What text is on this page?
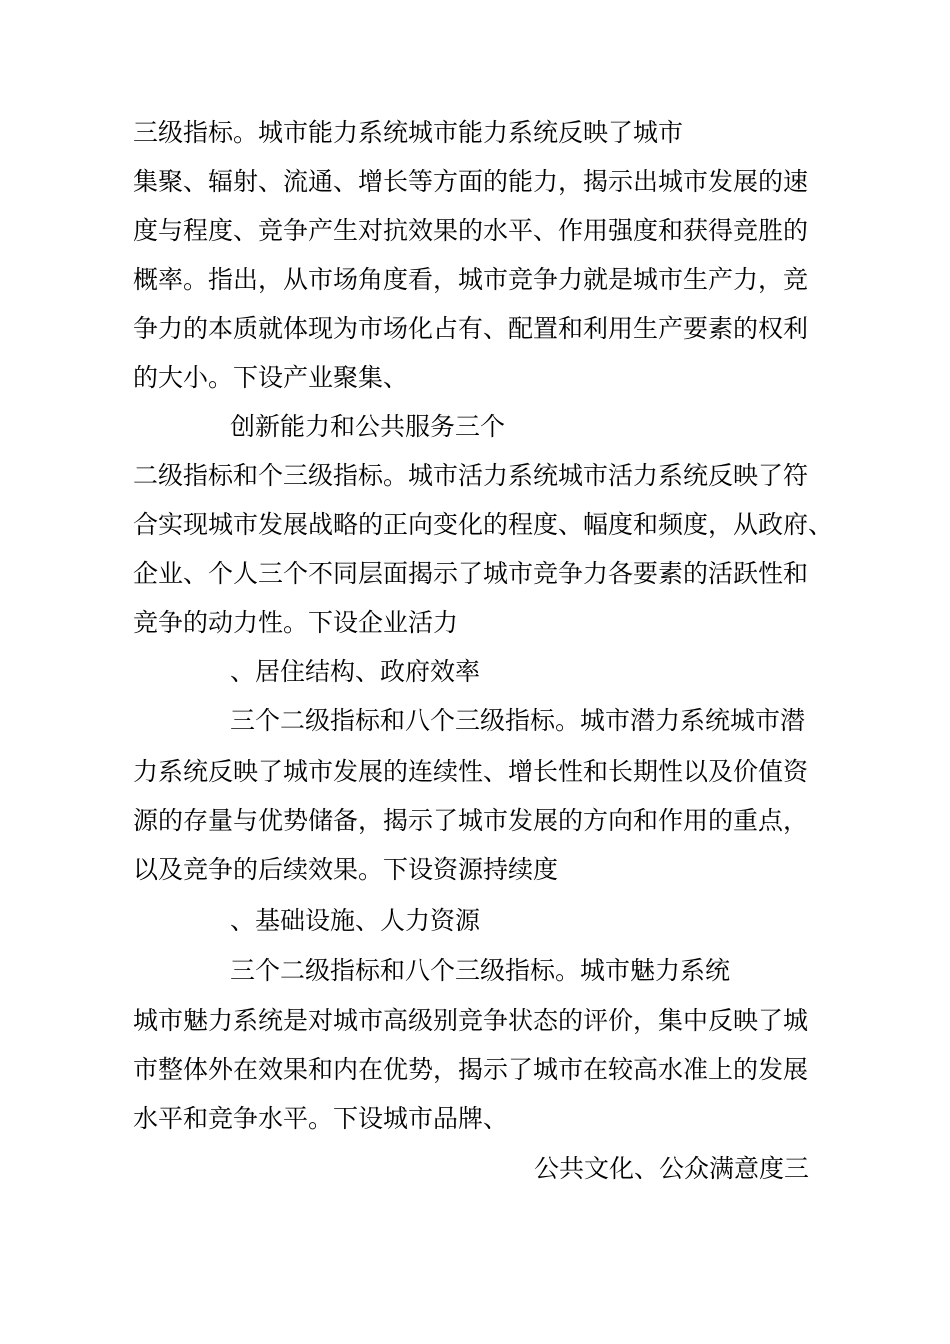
三级指标。城市能力系统城市能力系统反映了城市
集聚、辐射、流通、增长等方面的能力，揭示出城市发展的速
度与程度、竞争产生对抗效果的水平、作用强度和获得竞胜的
概率。指出，从市场角度看，城市竞争力就是城市生产力，竞
争力的本质就体现为市场化占有、配置和利用生产要素的权利
的大小。下设产业聚集、
创新能力和公共服务三个
二级指标和个三级指标。城市活力系统城市活力系统反映了符
合实现城市发展战略的正向变化的程度、幅度和频度，从政府、
企业、个人三个不同层面揭示了城市竞争力各要素的活跃性和
竞争的动力性。下设企业活力
、居住结构、政府效率
三个二级指标和八个三级指标。城市潜力系统城市潜
力系统反映了城市发展的连续性、增长性和长期性以及价值资
源的存量与优势储备，揭示了城市发展的方向和作用的重点，
以及竞争的后续效果。下设资源持续度
、基础设施、人力资源
三个二级指标和八个三级指标。城市魅力系统
城市魅力系统是对城市高级别竞争状态的评价，集中反映了城
市整体外在效果和内在优势，揭示了城市在较高水准上的发展
水平和竞争水平。下设城市品牌、
公共文化、公众满意度三
